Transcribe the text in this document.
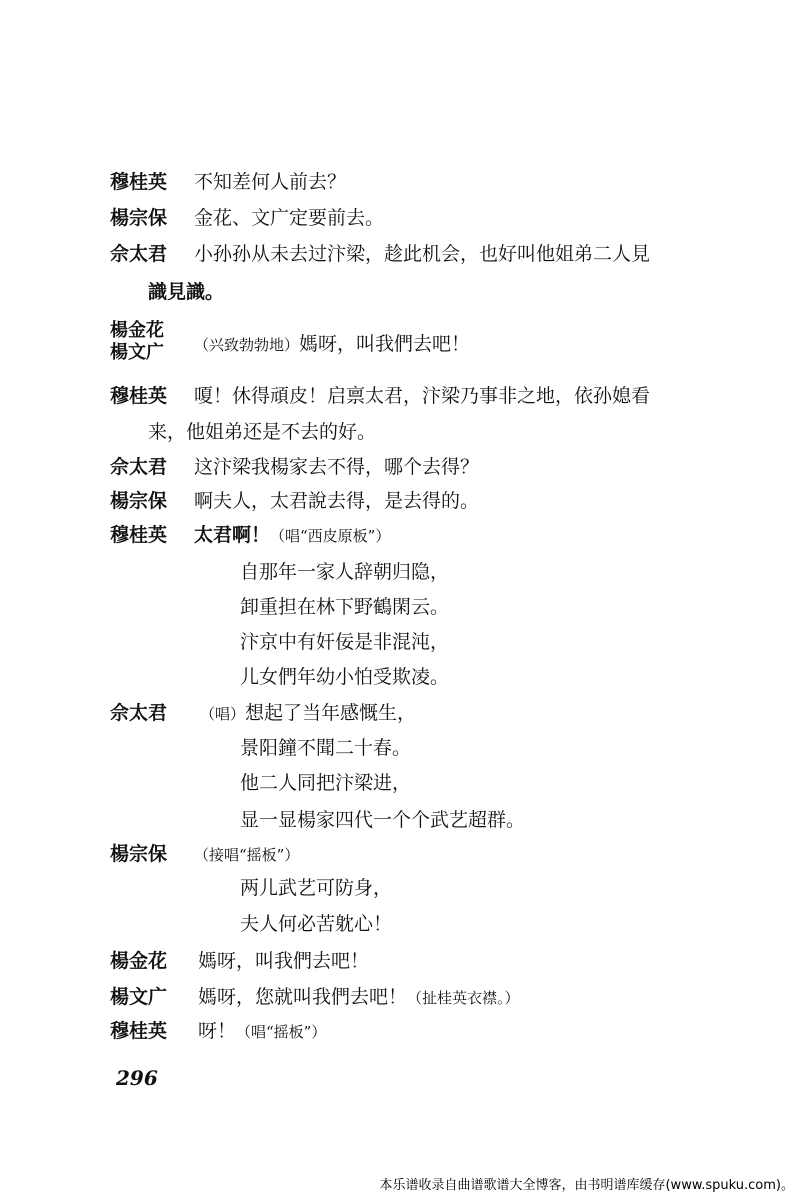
穆桂英 不知差何人前去？
楊宗保 金花、文广定要前去。
佘太君 小孙孙从未去过汴梁，趁此机会，也好叫他姐弟二人見
識見識。
楊金花
楊文广 （兴致勃勃地）媽呀，叫我們去吧！
穆桂英 嗄！休得頑皮！启禀太君，汴梁乃事非之地，依孙媳看
来，他姐弟还是不去的好。
佘太君 这汴梁我楊家去不得，哪个去得？
楊宗保 啊夫人，太君說去得，是去得的。
穆桂英 太君啊！（唱“西皮原板”）
自那年一家人辞朝归隐，
卸重担在林下野鶴閑云。
汴京中有奸佞是非混沌，
儿女們年幼小怕受欺凌。
佘太君 （唱）想起了当年感慨生，
景阳鐘不聞二十春。
他二人同把汴梁进，
显一显楊家四代一个个武艺超群。
楊宗保 （接唱“摇板”）
两儿武艺可防身，
夫人何必苦躭心！
楊金花 媽呀，叫我們去吧！
楊文广 媽呀，您就叫我們去吧！（扯桂英衣襟。）
穆桂英 呀！（唱“摇板”）
296
本乐谱收录自曲谱歌谱大全博客，由书明谱库缓存(www.spuku.com)。
